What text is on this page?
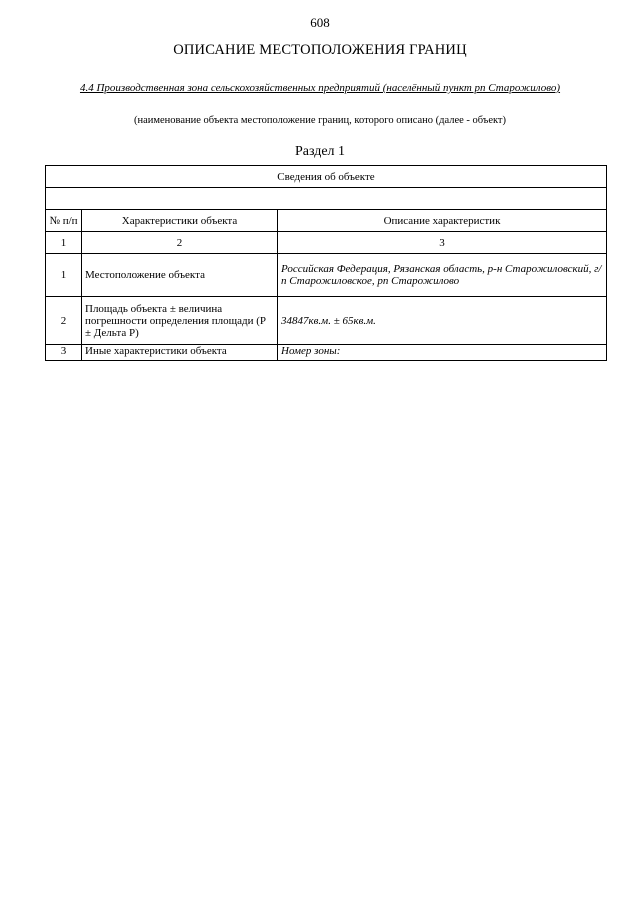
608
ОПИСАНИЕ МЕСТОПОЛОЖЕНИЯ ГРАНИЦ
4.4 Производственная зона сельскохозяйственных предприятий (населённый пункт рп Старожилово)
(наименование объекта местоположение границ, которого описано (далее - объект)
Раздел 1
Сведения об объекте		

№ п/п	Характеристики объекта	Описание характеристик
1	2	3
1	Местоположение объекта	Российская Федерация, Рязанская область, р-н Старожиловский, г/п Старожиловское, рп Старожилово
2	Площадь объекта ± величина погрешности определения площади (Р ± Дельта Р)	34847кв.м. ± 65кв.м.
3	Иные характеристики объекта	Номер зоны:
